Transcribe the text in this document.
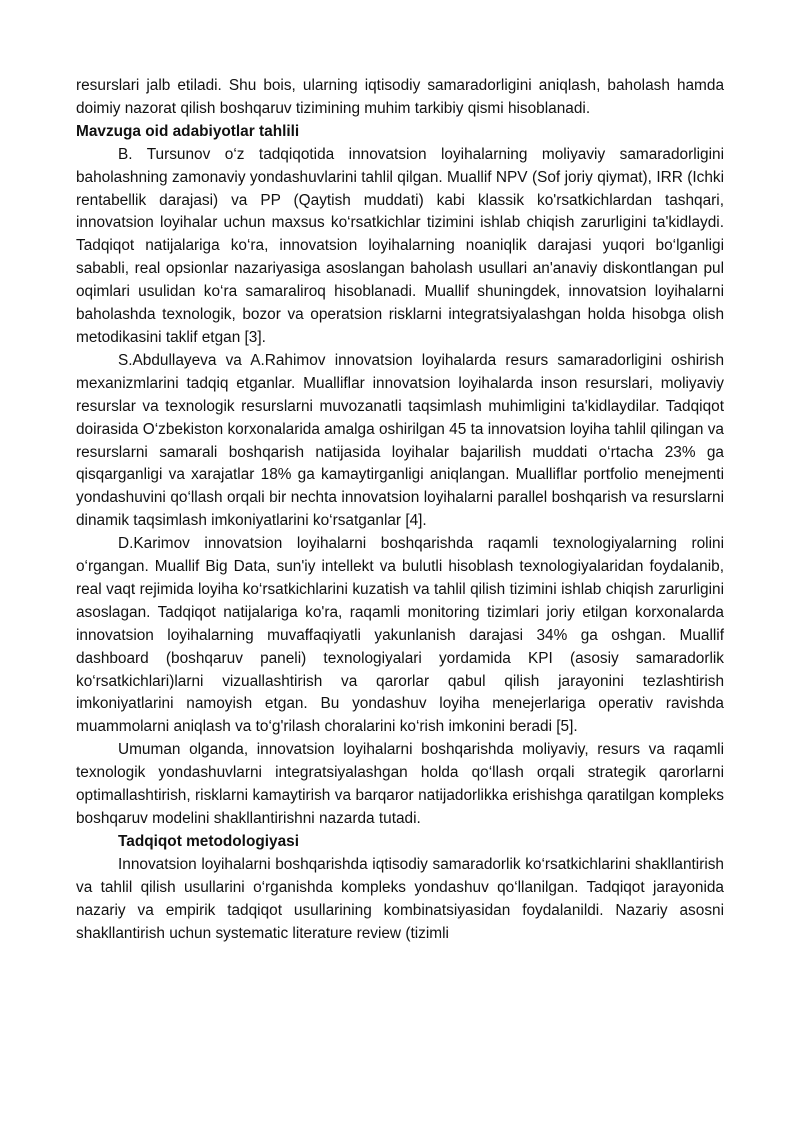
resurslari jalb etiladi. Shu bois, ularning iqtisodiy samaradorligini aniqlash, baholash hamda doimiy nazorat qilish boshqaruv tizimining muhim tarkibiy qismi hisoblanadi.

Mavzuga oid adabiyotlar tahlili

B. Tursunov o‘z tadqiqotida innovatsion loyihalarning moliyaviy samaradorligini baholashning zamonaviy yondashuvlarini tahlil qilgan. Muallif NPV (Sof joriy qiymat), IRR (Ichki rentabellik darajasi) va PP (Qaytish muddati) kabi klassik ko'rsatkichlardan tashqari, innovatsion loyihalar uchun maxsus ko‘rsatkichlar tizimini ishlab chiqish zarurligini ta'kidlaydi. Tadqiqot natijalariga ko‘ra, innovatsion loyihalarning noaniqlik darajasi yuqori bo‘lganligi sababli, real opsionlar nazariyasiga asoslangan baholash usullari an'anaviy diskontlangan pul oqimlari usulidan ko‘ra samaraliroq hisoblanadi. Muallif shuningdek, innovatsion loyihalarni baholashda texnologik, bozor va operatsion risklarni integratsiyalashgan holda hisobga olish metodikasini taklif etgan [3].

S.Abdullayeva va A.Rahimov innovatsion loyihalarda resurs samaradorligini oshirish mexanizmlarini tadqiq etganlar. Mualliflar innovatsion loyihalarda inson resurslari, moliyaviy resurslar va texnologik resurslarni muvozanatli taqsimlash muhimligini ta'kidlaydilar. Tadqiqot doirasida O‘zbekiston korxonalarida amalga oshirilgan 45 ta innovatsion loyiha tahlil qilingan va resurslarni samarali boshqarish natijasida loyihalar bajarilish muddati o‘rtacha 23% ga qisqarganligi va xarajatlar 18% ga kamaytirganligi aniqlangan. Mualliflar portfolio menejmenti yondashuvini qo‘llash orqali bir nechta innovatsion loyihalarni parallel boshqarish va resurslarni dinamik taqsimlash imkoniyatlarini ko‘rsatganlar [4].

D.Karimov innovatsion loyihalarni boshqarishda raqamli texnologiyalarning rolini o‘rgangan. Muallif Big Data, sun'iy intellekt va bulutli hisoblash texnologiyalaridan foydalanib, real vaqt rejimida loyiha ko‘rsatkichlarini kuzatish va tahlil qilish tizimini ishlab chiqish zarurligini asoslagan. Tadqiqot natijalariga ko'ra, raqamli monitoring tizimlari joriy etilgan korxonalarda innovatsion loyihalarning muvaffaqiyatli yakunlanish darajasi 34% ga oshgan. Muallif dashboard (boshqaruv paneli) texnologiyalari yordamida KPI (asosiy samaradorlik ko‘rsatkichlari)larni vizuallashtirish va qarorlar qabul qilish jarayonini tezlashtirish imkoniyatlarini namoyish etgan. Bu yondashuv loyiha menejerlariga operativ ravishda muammolarni aniqlash va to‘g'rilash choralarini ko‘rish imkonini beradi [5].

Umuman olganda, innovatsion loyihalarni boshqarishda moliyaviy, resurs va raqamli texnologik yondashuvlarni integratsiyalashgan holda qo‘llash orqali strategik qarorlarni optimallashtirish, risklarni kamaytirish va barqaror natijadorlikka erishishga qaratilgan kompleks boshqaruv modelini shakllantirishni nazarda tutadi.

Tadqiqot metodologiyasi

Innovatsion loyihalarni boshqarishda iqtisodiy samaradorlik ko‘rsatkichlarini shakllantirish va tahlil qilish usullarini o‘rganishda kompleks yondashuv qo‘llanilgan. Tadqiqot jarayonida nazariy va empirik tadqiqot usullarining kombinatsiyasidan foydalanildi. Nazariy asosni shakllantirish uchun systematic literature review (tizimli
